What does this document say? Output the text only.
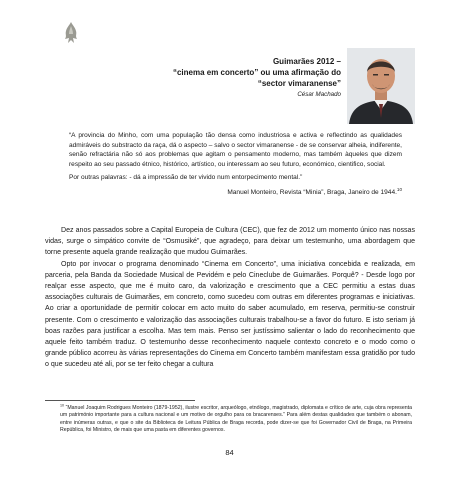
Guimarães 2012 –

“cinema em concerto” ou uma afirmação do

“sector vimaranense”

César Machado

“A provincia do Minho, com uma população tão densa como industriosa e activa e reflectindo as qualidades admiráveis do substracto da raça, dá o aspecto – salvo o sector vimaranense - de se conservar alheia, indiferente, senão refractária não só aos problemas que agitam o pensamento moderno, mas também àqueles que dizem respeito ao seu passado étnico, histórico, artístico, ou interessam ao seu futuro, económico, cientifico, social.

Por outras palavras: - dá a impressão de ter vivido num entorpecimento mental.”

Manuel Monteiro, Revista “Minia”, Braga, Janeiro de 1944.10

Dez anos passados sobre a Capital Europeia de Cultura (CEC), que fez de 2012 um momento único nas nossas vidas, surge o simpático convite de “Osmusiké”, que agradeço, para deixar um testemunho, uma abordagem que torne presente aquela grande realização que mudou Guimarães.

Opto por invocar o programa denominado “Cinema em Concerto”, uma iniciativa concebida e realizada, em parceria, pela Banda da Sociedade Musical de Pevidém e pelo Cineclube de Guimarães. Porquê? - Desde logo por realçar esse aspecto, que me é muito caro, da valorização e crescimento que a CEC permitiu a estas duas associações culturais de Guimarães, em concreto, como sucedeu com outras em diferentes programas e iniciativas. Ao criar a oportunidade de permitir colocar em acto muito do saber acumulado, em reserva, permitiu-se construir presente. Com o crescimento e valorização das associações culturais trabalhou-se a favor do futuro. E isto seriam já boas razões para justificar a escolha. Mas tem mais. Penso ser justíssimo salientar o lado do reconhecimento que aquele feito também traduz. O testemunho desse reconhecimento naquele contexto concreto e o modo como o grande público acorreu às várias representações do Cinema em Concerto também manifestam essa gratidão por tudo o que sucedeu até ali, por se ter feito chegar a cultura

$^{10}$ “Manuel Joaquim Rodrigues Monteiro (1879-1952), ilustre escritor, arqueólogo, etnólogo, magistrado, diplomata e crítico de arte, cuja obra representa um património importante para a cultura nacional e um motivo de orgulho para os bracarenses.” Para além destas qualidades que também o abonam, entre inúmeras outras, e que o site da Biblioteca de Leitura Pública de Braga recorda, pode dizer-se que foi Governador Civil de Braga, na Primeira República, foi Ministro, de mais que uma pasta em diferentes governos.
84
